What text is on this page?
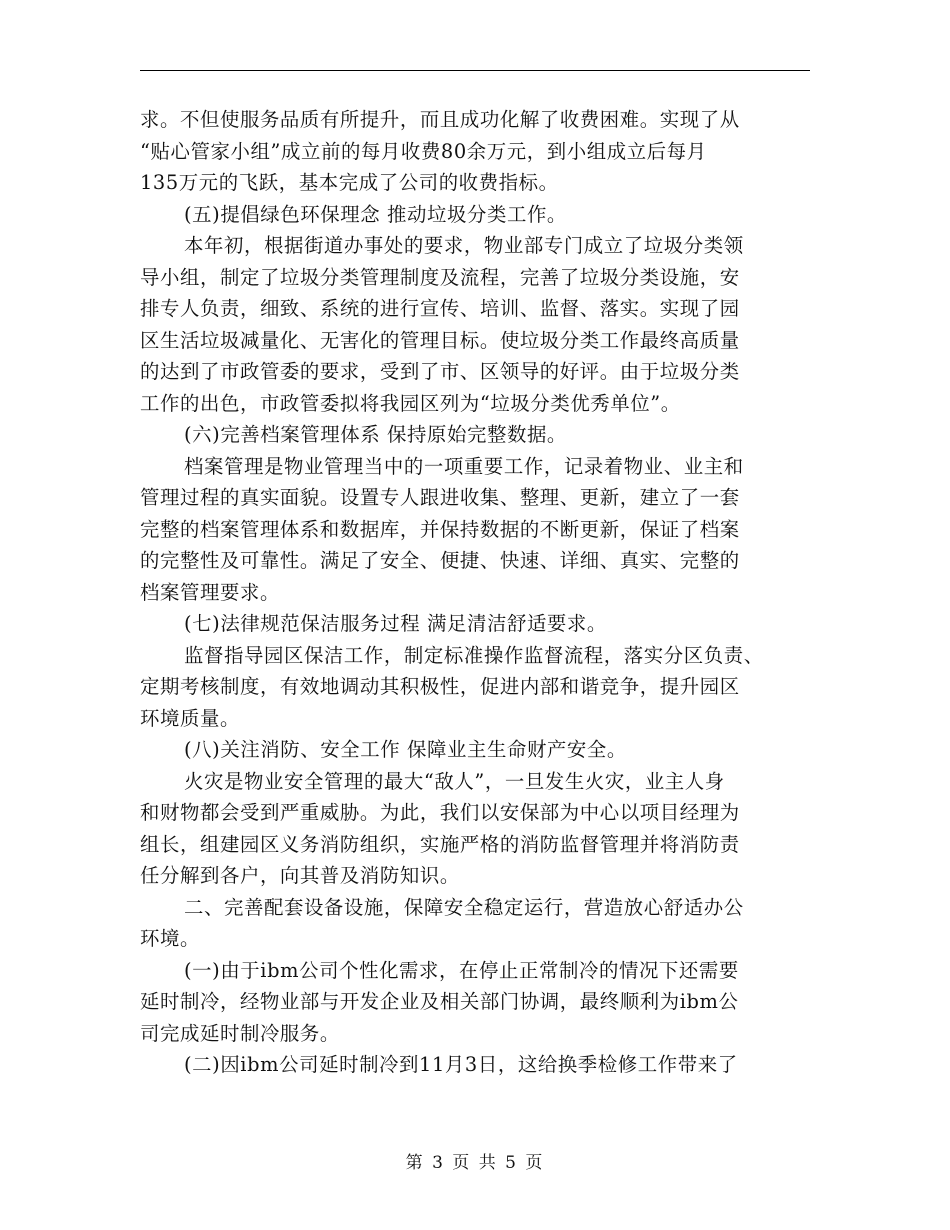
求。不但使服务品质有所提升，而且成功化解了收费困难。实现了从
“贴心管家小组”成立前的每月收费80余万元，到小组成立后每月
135万元的飞跃，基本完成了公司的收费指标。
(五)提倡绿色环保理念 推动垃圾分类工作。
本年初，根据街道办事处的要求，物业部专门成立了垃圾分类领
导小组，制定了垃圾分类管理制度及流程，完善了垃圾分类设施，安
排专人负责，细致、系统的进行宣传、培训、监督、落实。实现了园
区生活垃圾减量化、无害化的管理目标。使垃圾分类工作最终高质量
的达到了市政管委的要求，受到了市、区领导的好评。由于垃圾分类
工作的出色，市政管委拟将我园区列为“垃圾分类优秀单位”。
(六)完善档案管理体系 保持原始完整数据。
档案管理是物业管理当中的一项重要工作，记录着物业、业主和
管理过程的真实面貌。设置专人跟进收集、整理、更新，建立了一套
完整的档案管理体系和数据库，并保持数据的不断更新，保证了档案
的完整性及可靠性。满足了安全、便捷、快速、详细、真实、完整的
档案管理要求。
(七)法律规范保洁服务过程 满足清洁舒适要求。
监督指导园区保洁工作，制定标准操作监督流程，落实分区负责、
定期考核制度，有效地调动其积极性，促进内部和谐竞争，提升园区
环境质量。
(八)关注消防、安全工作 保障业主生命财产安全。
火灾是物业安全管理的最大“敌人”，一旦发生火灾，业主人身
和财物都会受到严重威胁。为此，我们以安保部为中心以项目经理为
组长，组建园区义务消防组织，实施严格的消防监督管理并将消防责
任分解到各户，向其普及消防知识。
二、完善配套设备设施，保障安全稳定运行，营造放心舒适办公
环境。
(一)由于ibm公司个性化需求，在停止正常制冷的情况下还需要
延时制冷，经物业部与开发企业及相关部门协调，最终顺利为ibm公
司完成延时制冷服务。
(二)因ibm公司延时制冷到11月3日，这给换季检修工作带来了
第 3 页 共 5 页
